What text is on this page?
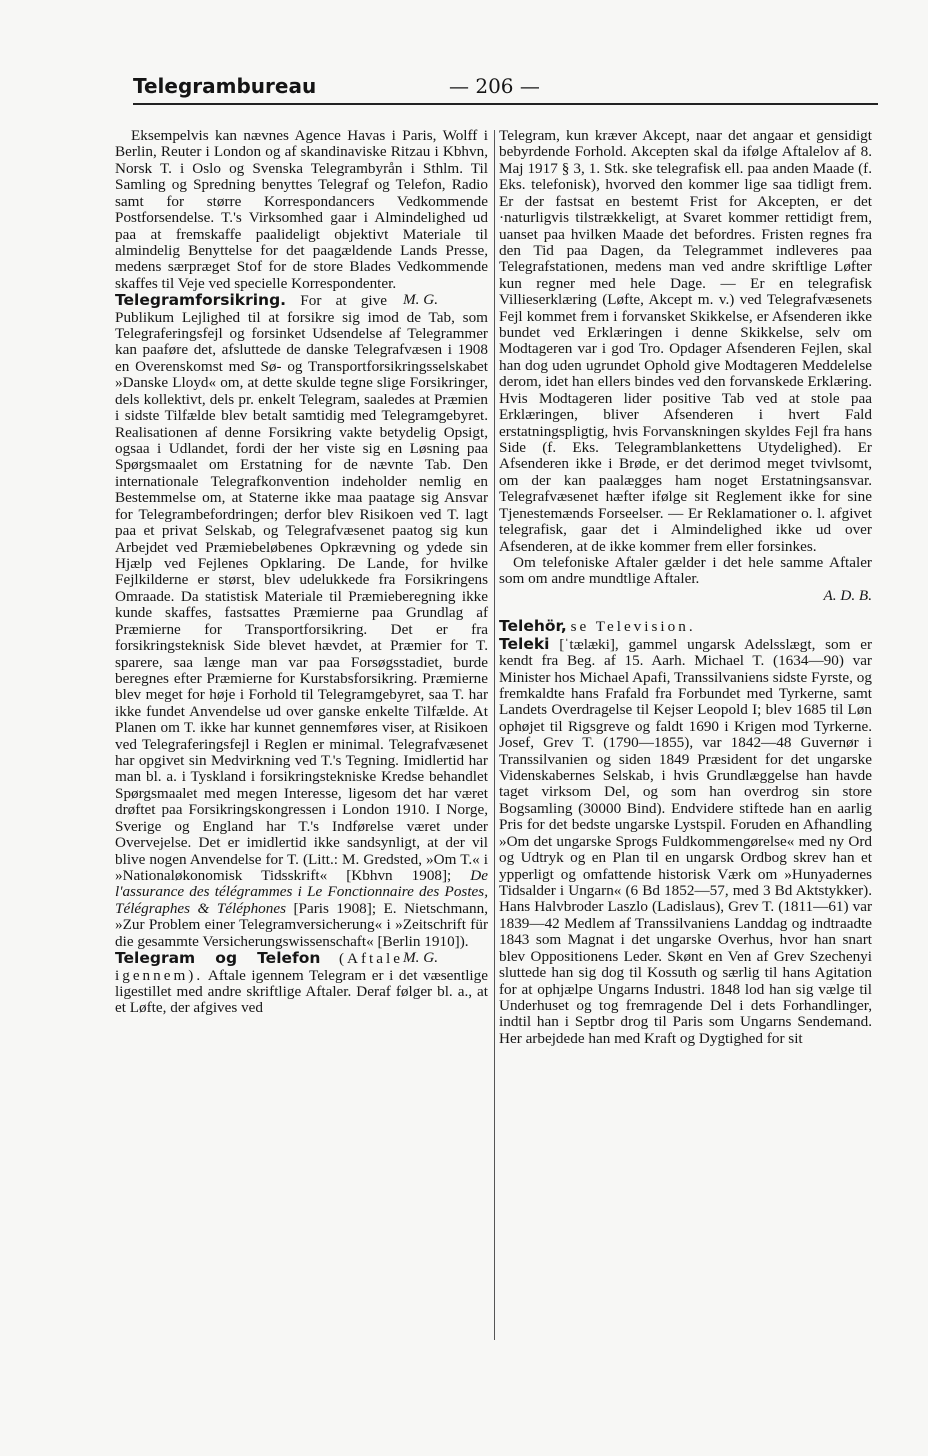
Telegrambureau	— 206 —

Eksempelvis kan nævnes Agence Havas i Paris, Wolff i Berlin, Reuter i London og af skandinaviske Ritzau i Kbhvn, Norsk T. i Oslo og Svenska Telegrambyrån i Sthlm. Til Samling og Spredning benyttes Telegraf og Telefon, Radio samt for større Korrespondancers Vedkommende Postforsendelse. T.'s Virksomhed gaar i Almindelighed ud paa at fremskaffe paalideligt objektivt Materiale til almindelig Benyttelse for det paagældende Lands Presse, medens særpræget Stof for de store Blades Vedkommende skaffes til Veje ved specielle Korrespondenter.
M. G.

Telegramforsikring. For at give Publikum Lejlighed til at forsikre sig imod de Tab, som Telegraferingsfejl og forsinket Udsendelse af Telegrammer kan paaføre det, afsluttede de danske Telegrafvæsen i 1908 en Overenskomst med Sø- og Transportforsikringsselskabet »Danske Lloyd« om, at dette skulde tegne slige Forsikringer, dels kollektivt, dels pr. enkelt Telegram, saaledes at Præmien i sidste Tilfælde blev betalt samtidig med Telegramgebyret. Realisationen af denne Forsikring vakte betydelig Opsigt, ogsaa i Udlandet, fordi der her viste sig en Løsning paa Spørgsmaalet om Erstatning for de nævnte Tab. Den internationale Telegrafkonvention indeholder nemlig en Bestemmelse om, at Staterne ikke maa paatage sig Ansvar for Telegrambefordringen; derfor blev Risikoen ved T. lagt paa et privat Selskab, og Telegrafvæsenet paatog sig kun Arbejdet ved Præmiebeløbenes Opkrævning og ydede sin Hjælp ved Fejlenes Opklaring. De Lande, for hvilke Fejlkilderne er størst, blev udelukkede fra Forsikringens Omraade. Da statistisk Materiale til Præmieberegning ikke kunde skaffes, fastsattes Præmierne paa Grundlag af Præmierne for Transportforsikring. Det er fra forsikringsteknisk Side blevet hævdet, at Præmier for T. sparere, saa længe man var paa Forsøgsstadiet, burde beregnes efter Præmierne for Kurstabsforsikring. Præmierne blev meget for høje i Forhold til Telegramgebyret, saa T. har ikke fundet Anvendelse ud over ganske enkelte Tilfælde. At Planen om T. ikke har kunnet gennemføres viser, at Risikoen ved Telegraferingsfejl i Reglen er minimal. Telegrafvæsenet har opgivet sin Medvirkning ved T.'s Tegning. Imidlertid har man bl. a. i Tyskland i forsikringstekniske Kredse behandlet Spørgsmaalet med megen Interesse, ligesom det har været drøftet paa Forsikringskongressen i London 1910. I Norge, Sverige og England har T.'s Indførelse været under Overvejelse. Det er imidlertid ikke sandsynligt, at der vil blive nogen Anvendelse for T. (Litt.: M. Gredsted, »Om T.« i »Nationaløkonomisk Tidsskrift« [Kbhvn 1908]; De l'assurance des télégrammes i Le Fonctionnaire des Postes, Télégraphes & Téléphones [Paris 1908]; E. Nietschmann, »Zur Problem einer Telegramversicherung« i »Zeitschrift für die gesammte Versicherungswissenschaft« [Berlin 1910]).
M. G.

Telegram og Telefon (Aftale igennem). Aftale igennem Telegram er i det væsentlige ligestillet med andre skriftlige Aftaler. Deraf følger bl. a., at et Løfte, der afgives ved

Telegram, kun kræver Akcept, naar det angaar et gensidigt bebyrdende Forhold. Akcepten skal da ifølge Aftalelov af 8. Maj 1917 § 3, 1. Stk. ske telegrafisk ell. paa anden Maade (f. Eks. telefonisk), hvorved den kommer lige saa tidligt frem. Er der fastsat en bestemt Frist for Akcepten, er det ·naturligvis tilstrækkeligt, at Svaret kommer rettidigt frem, uanset paa hvilken Maade det befordres. Fristen regnes fra den Tid paa Dagen, da Telegrammet indleveres paa Telegrafstationen, medens man ved andre skriftlige Løfter kun regner med hele Dage. — Er en telegrafisk Villieserklæring (Løfte, Akcept m. v.) ved Telegrafvæsenets Fejl kommet frem i forvansket Skikkelse, er Afsenderen ikke bundet ved Erklæringen i denne Skikkelse, selv om Modtageren var i god Tro. Opdager Afsenderen Fejlen, skal han dog uden ugrundet Ophold give Modtageren Meddelelse derom, idet han ellers bindes ved den forvanskede Erklæring. Hvis Modtageren lider positive Tab ved at stole paa Erklæringen, bliver Afsenderen i hvert Fald erstatningspligtig, hvis Forvanskningen skyldes Fejl fra hans Side (f. Eks. Telegramblankettens Utydelighed). Er Afsenderen ikke i Brøde, er det derimod meget tvivlsomt, om der kan paalægges ham noget Erstatningsansvar. Telegrafvæsenet hæfter ifølge sit Reglement ikke for sine Tjenestemænds Forseelser. — Er Reklamationer o. l. afgivet telegrafisk, gaar det i Almindelighed ikke ud over Afsenderen, at de ikke kommer frem eller forsinkes.

Om telefoniske Aftaler gælder i det hele samme Aftaler som om andre mundtlige Aftaler.

A. D. B.

Telehör, se Television.

Teleki [ˈtælæki], gammel ungarsk Adelsslægt, som er kendt fra Beg. af 15. Aarh. Michael T. (1634—90) var Minister hos Michael Apafi, Transsilvaniens sidste Fyrste, og fremkaldte hans Frafald fra Forbundet med Tyrkerne, samt Landets Overdragelse til Kejser Leopold I; blev 1685 til Løn ophøjet til Rigsgreve og faldt 1690 i Krigen mod Tyrkerne. Josef, Grev T. (1790—1855), var 1842—48 Guvernør i Transsilvanien og siden 1849 Præsident for det ungarske Videnskabernes Selskab, i hvis Grundlæggelse han havde taget virksom Del, og som han overdrog sin store Bogsamling (30000 Bind). Endvidere stiftede han en aarlig Pris for det bedste ungarske Lystspil. Foruden en Afhandling »Om det ungarske Sprogs Fuldkommengørelse« med ny Ord og Udtryk og en Plan til en ungarsk Ordbog skrev han et ypperligt og omfattende historisk Værk om »Hunyadernes Tidsalder i Ungarn« (6 Bd 1852—57, med 3 Bd Aktstykker). Hans Halvbroder Laszlo (Ladislaus), Grev T. (1811—61) var 1839—42 Medlem af Transsilvaniens Landdag og indtraadte 1843 som Magnat i det ungarske Overhus, hvor han snart blev Oppositionens Leder. Skønt en Ven af Grev Szechenyi sluttede han sig dog til Kossuth og særlig til hans Agitation for at ophjælpe Ungarns Industri. 1848 lod han sig vælge til Underhuset og tog fremragende Del i dets Forhandlinger, indtil han i Septbr drog til Paris som Ungarns Sendemand. Her arbejdede han med Kraft og Dygtighed for sit
